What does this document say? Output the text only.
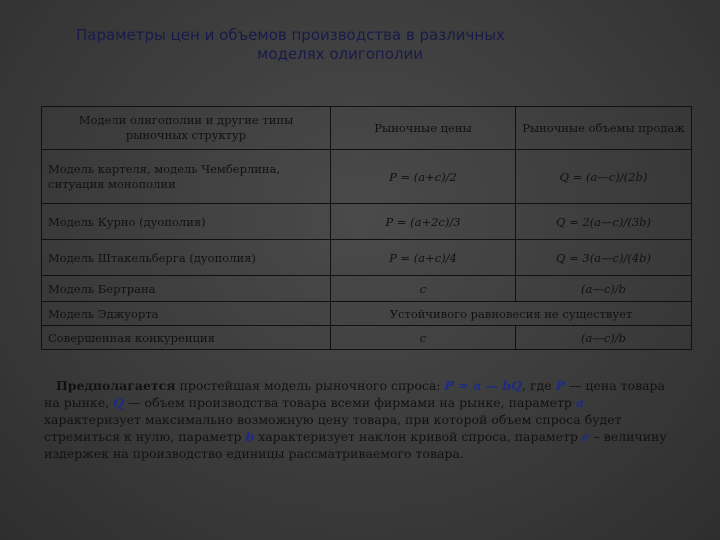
Параметры цен и объемов производства в различных
моделях олигополии
Модели олигополии и другие типы рыночных структур	Рыночные цены	Рыночные объемы продаж
Модель картеля, модель Чемберлина, ситуация монополии	P = (a+c)/2	Q = (a—c)/(2b)
Модель Курно (дуополия)	P = (a+2c)/3	Q = 2(a—c)/(3b)
Модель Штакельберга (дуополия)	P = (a+c)/4	Q = 3(a—c)/(4b)
Модель Бертрана	c	(a—c)/b
Модель Эджуорта	Устойчивого равновесия не существует	
Совершенная конкуренция	c	(a—c)/b
Предполагается простейшая модель рыночного спроса: P = a — bQ, где P — цена товара на рынке, Q — объем производства товара всеми фирмами на рынке, параметр a характеризует максимально возможную цену товара, при которой объем спроса будет стремиться к нулю, параметр b характеризует наклон кривой спроса, параметр c – величину издержек на производство единицы рассматриваемого товара.
